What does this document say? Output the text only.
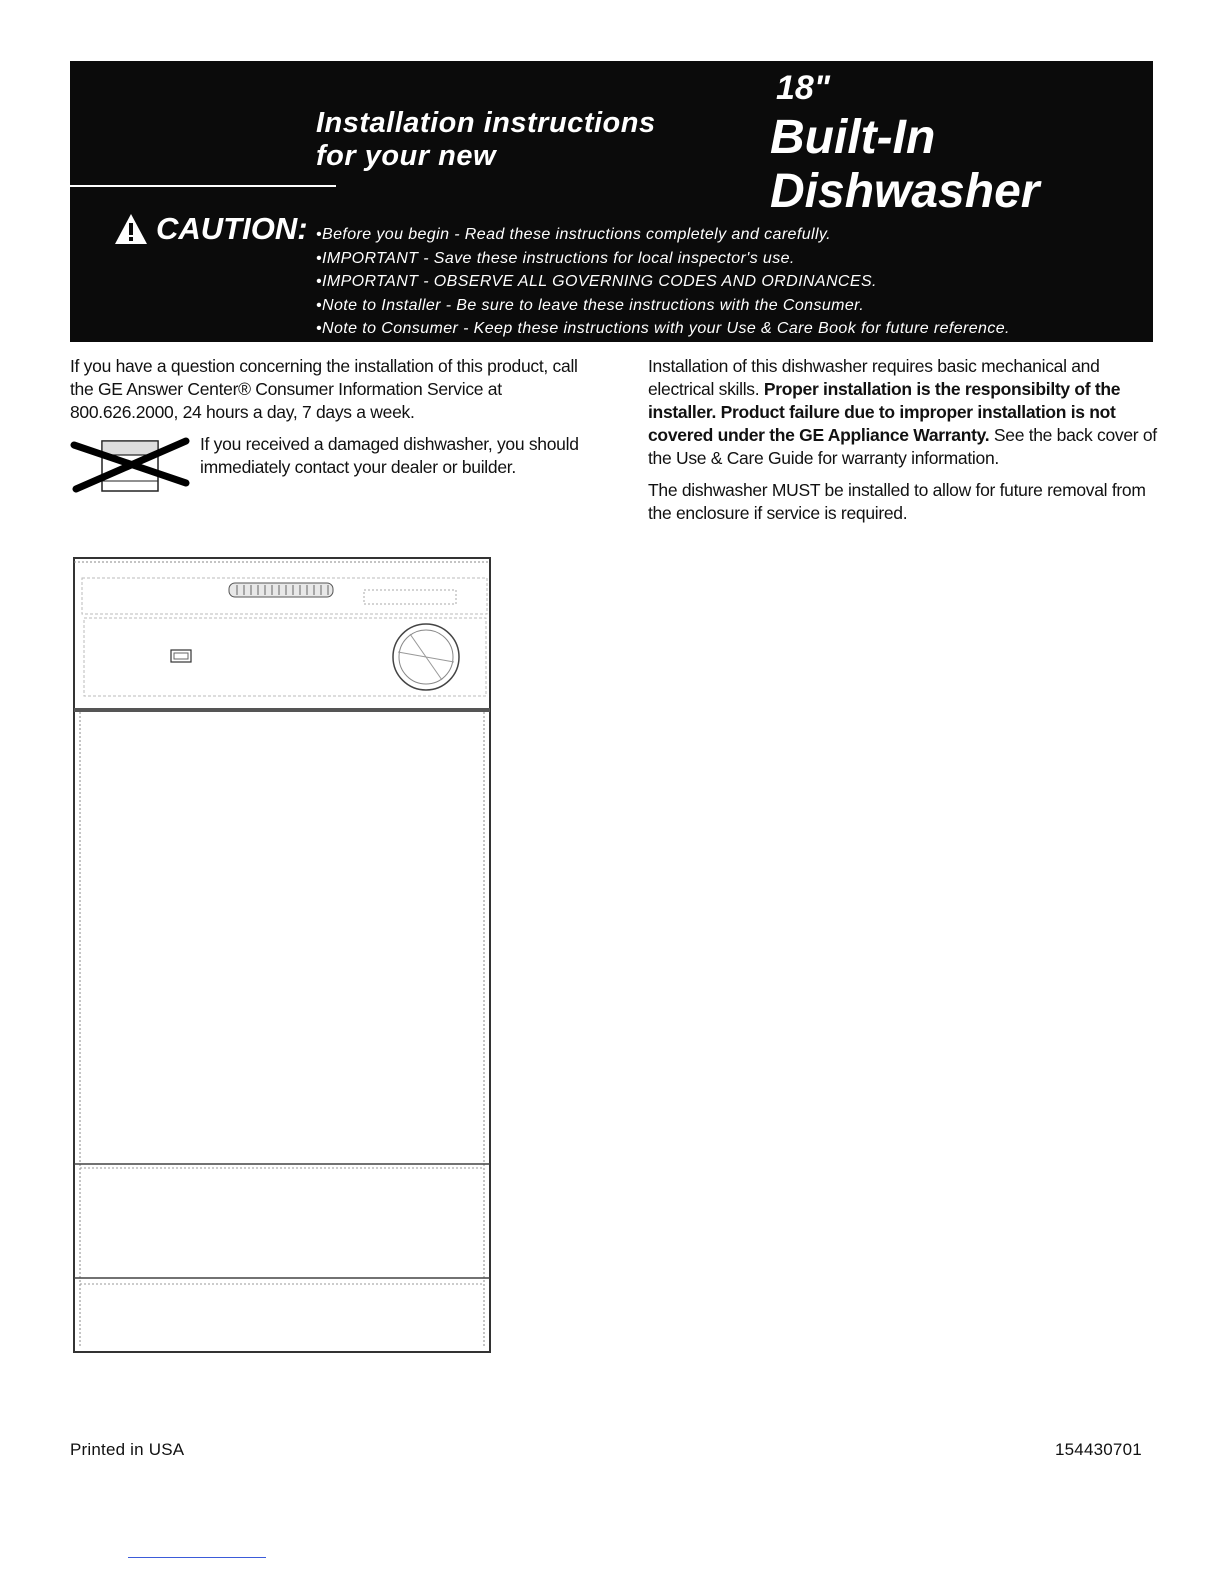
Installation instructions
for your new
18"
Built-In
Dishwasher
CAUTION:
• Before you begin - Read these instructions completely and carefully.
• IMPORTANT - Save these instructions for local inspector's use.
• IMPORTANT - OBSERVE ALL GOVERNING CODES AND ORDINANCES.
• Note to Installer - Be sure to leave these instructions with the Consumer.
• Note to Consumer - Keep these instructions with your Use & Care Book for future reference.

If you have a question concerning the installation of this product, call the GE Answer Center® Consumer Information Service at 800.626.2000, 24 hours a day, 7 days a week.

If you received a damaged dishwasher, you should immediately contact your dealer or builder.

Installation of this dishwasher requires basic mechanical and electrical skills. Proper installation is the responsibilty of the installer. Product failure due to improper installation is not covered under the GE Appliance Warranty. See the back cover of the Use & Care Guide for warranty information.

The dishwasher MUST be installed to allow for future removal from the enclosure if service is required.

Printed in USA	154430701
